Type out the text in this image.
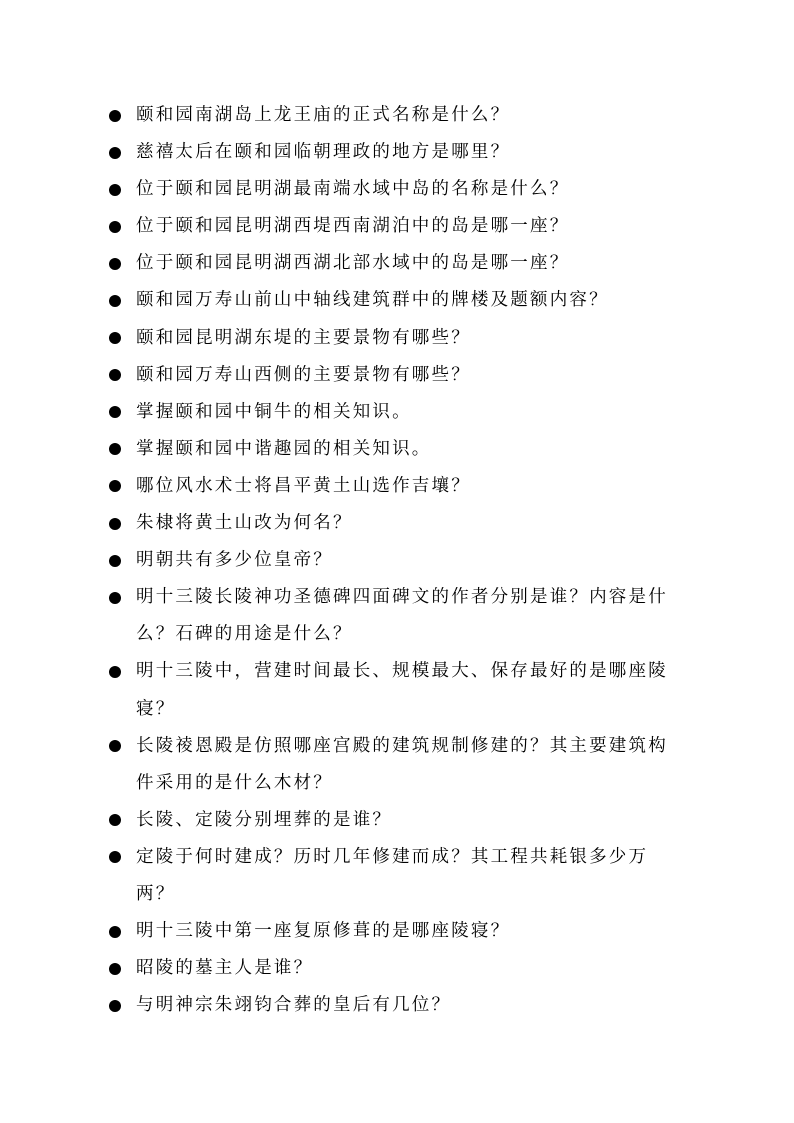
颐和园南湖岛上龙王庙的正式名称是什么？
慈禧太后在颐和园临朝理政的地方是哪里？
位于颐和园昆明湖最南端水域中岛的名称是什么？
位于颐和园昆明湖西堤西南湖泊中的岛是哪一座？
位于颐和园昆明湖西湖北部水域中的岛是哪一座？
颐和园万寿山前山中轴线建筑群中的牌楼及题额内容？
颐和园昆明湖东堤的主要景物有哪些？
颐和园万寿山西侧的主要景物有哪些？
掌握颐和园中铜牛的相关知识。
掌握颐和园中谐趣园的相关知识。
哪位风水术士将昌平黄土山选作吉壤？
朱棣将黄土山改为何名？
明朝共有多少位皇帝？
明十三陵长陵神功圣德碑四面碑文的作者分别是谁？内容是什么？石碑的用途是什么？
明十三陵中，营建时间最长、规模最大、保存最好的是哪座陵寝？
长陵祾恩殿是仿照哪座宫殿的建筑规制修建的？其主要建筑构件采用的是什么木材？
长陵、定陵分别埋葬的是谁？
定陵于何时建成？历时几年修建而成？其工程共耗银多少万两？
明十三陵中第一座复原修葺的是哪座陵寝？
昭陵的墓主人是谁？
与明神宗朱翊钧合葬的皇后有几位？
